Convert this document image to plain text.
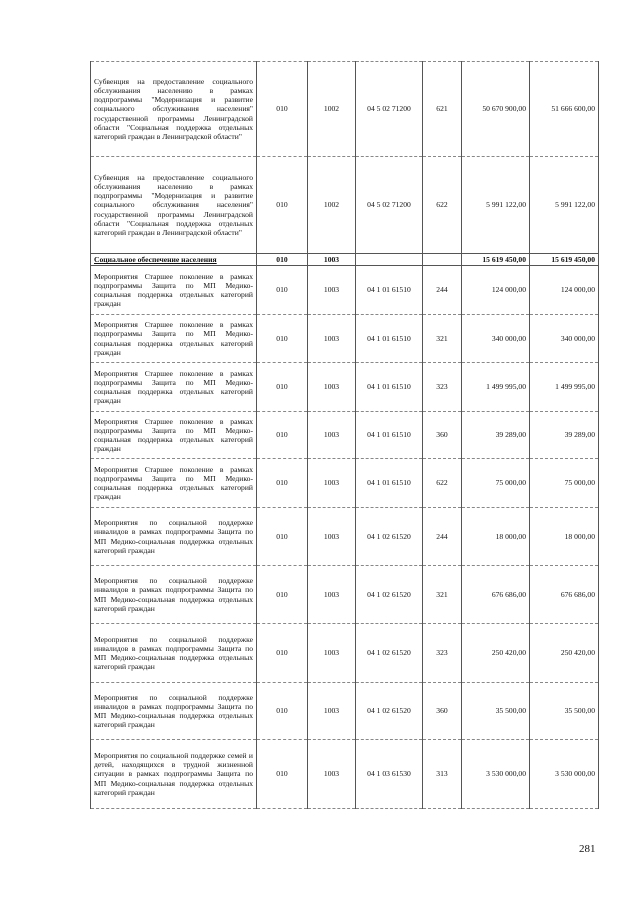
Субвенция на предоставление социального обслуживания населению в рамках подпрограммы "Модернизация и развитие социального обслуживания населения" государственной программы Ленинградской области "Социальная поддержка отдельных категорий граждан в Ленинградской области"	010	1002	04 5 02 71200	621	50 670 900,00	51 666 600,00
Субвенция на предоставление социального обслуживания населению в рамках подпрограммы "Модернизация и развитие социального обслуживания населения" государственной программы Ленинградской области "Социальная поддержка отдельных категорий граждан в Ленинградской области"	010	1002	04 5 02 71200	622	5 991 122,00	5 991 122,00
Социальное обеспечение населения	010	1003			15 619 450,00	15 619 450,00
Мероприятия Старшее поколение в рамках подпрограммы Защита по МП Медико-социальная поддержка отдельных категорий граждан	010	1003	04 1 01 61510	244	124 000,00	124 000,00
Мероприятия Старшее поколение в рамках подпрограммы Защита по МП Медико-социальная поддержка отдельных категорий граждан	010	1003	04 1 01 61510	321	340 000,00	340 000,00
Мероприятия Старшее поколение в рамках подпрограммы Защита по МП Медико-социальная поддержка отдельных категорий граждан	010	1003	04 1 01 61510	323	1 499 995,00	1 499 995,00
Мероприятия Старшее поколение в рамках подпрограммы Защита по МП Медико-социальная поддержка отдельных категорий граждан	010	1003	04 1 01 61510	360	39 289,00	39 289,00
Мероприятия Старшее поколение в рамках подпрограммы Защита по МП Медико-социальная поддержка отдельных категорий граждан	010	1003	04 1 01 61510	622	75 000,00	75 000,00
Мероприятия по социальной поддержке инвалидов в рамках подпрограммы Защита по МП Медико-социальная поддержка отдельных категорий граждан	010	1003	04 1 02 61520	244	18 000,00	18 000,00
Мероприятия по социальной поддержке инвалидов в рамках подпрограммы Защита по МП Медико-социальная поддержка отдельных категорий граждан	010	1003	04 1 02 61520	321	676 686,00	676 686,00
Мероприятия по социальной поддержке инвалидов в рамках подпрограммы Защита по МП Медико-социальная поддержка отдельных категорий граждан	010	1003	04 1 02 61520	323	250 420,00	250 420,00
Мероприятия по социальной поддержке инвалидов в рамках подпрограммы Защита по МП Медико-социальная поддержка отдельных категорий граждан	010	1003	04 1 02 61520	360	35 500,00	35 500,00
Мероприятия по социальной поддержке семей и детей, находящихся в трудной жизненной ситуации в рамках подпрограммы Защита по МП Медико-социальная поддержка отдельных категорий граждан	010	1003	04 1 03 61530	313	3 530 000,00	3 530 000,00
281
